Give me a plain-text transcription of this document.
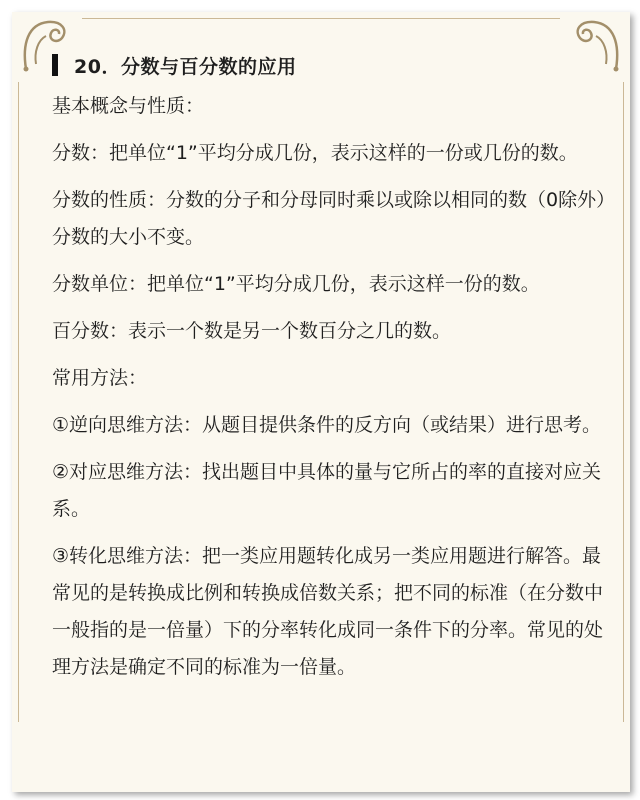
20．分数与百分数的应用

基本概念与性质：

分数：把单位“1”平均分成几份，表示这样的一份或几份的数。

分数的性质：分数的分子和分母同时乘以或除以相同的数（0除外）

分数的大小不变。

分数单位：把单位“1”平均分成几份，表示这样一份的数。

百分数：表示一个数是另一个数百分之几的数。

常用方法：

①逆向思维方法：从题目提供条件的反方向（或结果）进行思考。

②对应思维方法：找出题目中具体的量与它所占的率的直接对应关

系。

③转化思维方法：把一类应用题转化成另一类应用题进行解答。最

常见的是转换成比例和转换成倍数关系；把不同的标准（在分数中

一般指的是一倍量）下的分率转化成同一条件下的分率。常见的处

理方法是确定不同的标准为一倍量。
